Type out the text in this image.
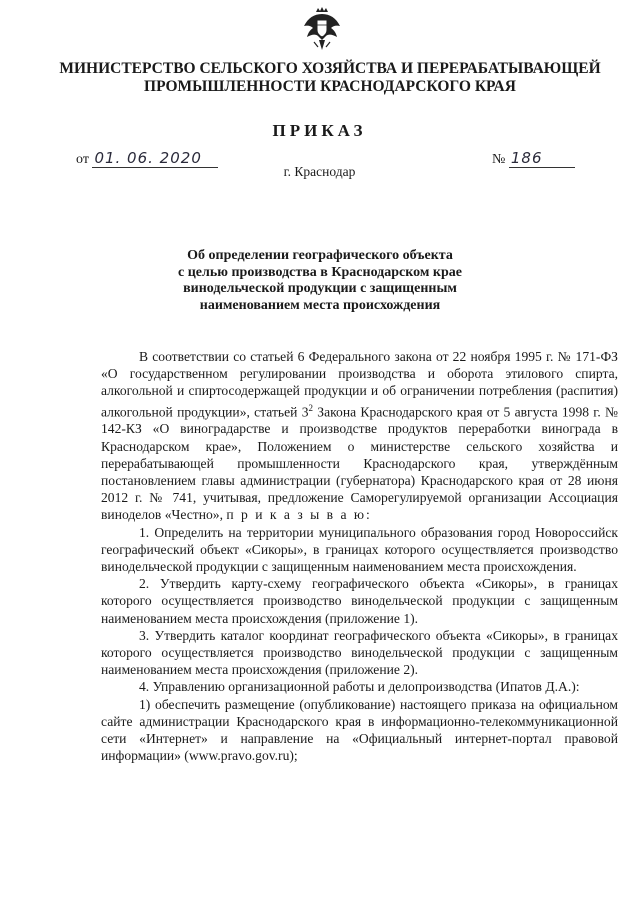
МИНИСТЕРСТВО СЕЛЬСКОГО ХОЗЯЙСТВА И ПЕРЕРАБАТЫВАЮЩЕЙ
ПРОМЫШЛЕННОСТИ КРАСНОДАРСКОГО КРАЯ
ПРИКАЗ
от 01. 06. 2020	№ 186
г. Краснодар
Об определении географического объекта
с целью производства в Краснодарском крае
винодельческой продукции с защищенным
наименованием места происхождения

В соответствии со статьей 6 Федерального закона от 22 ноября 1995 г. № 171-ФЗ «О государственном регулировании производства и оборота этилового спирта, алкогольной и спиртосодержащей продукции и об ограничении потребления (распития) алкогольной продукции», статьей $3^2$ Закона Краснодарского края от 5 августа 1998 г. № 142-КЗ «О виноградарстве и производстве продуктов переработки винограда в Краснодарском крае», Положением о министерстве сельского хозяйства и перерабатывающей промышленности Краснодарского края, утверждённым постановлением главы администрации (губернатора) Краснодарского края от 28 июня 2012 г. № 741, учитывая, предложение Саморегулируемой организации Ассоциация виноделов «Честно», п р и к а з ы в а ю:

1. Определить на территории муниципального образования город Новороссийск географический объект «Сикоры», в границах которого осуществляется производство винодельческой продукции с защищенным наименованием места происхождения.

2. Утвердить карту-схему географического объекта «Сикоры», в границах которого осуществляется производство винодельческой продукции с защищенным наименованием места происхождения (приложение 1).

3. Утвердить каталог координат географического объекта «Сикоры», в границах которого осуществляется производство винодельческой продукции с защищенным наименованием места происхождения (приложение 2).

4. Управлению организационной работы и делопроизводства (Ипатов Д.А.):

1) обеспечить размещение (опубликование) настоящего приказа на официальном сайте администрации Краснодарского края в информационно-телекоммуникационной сети «Интернет» и направление на «Официальный интернет-портал правовой информации» (www.pravo.gov.ru);
